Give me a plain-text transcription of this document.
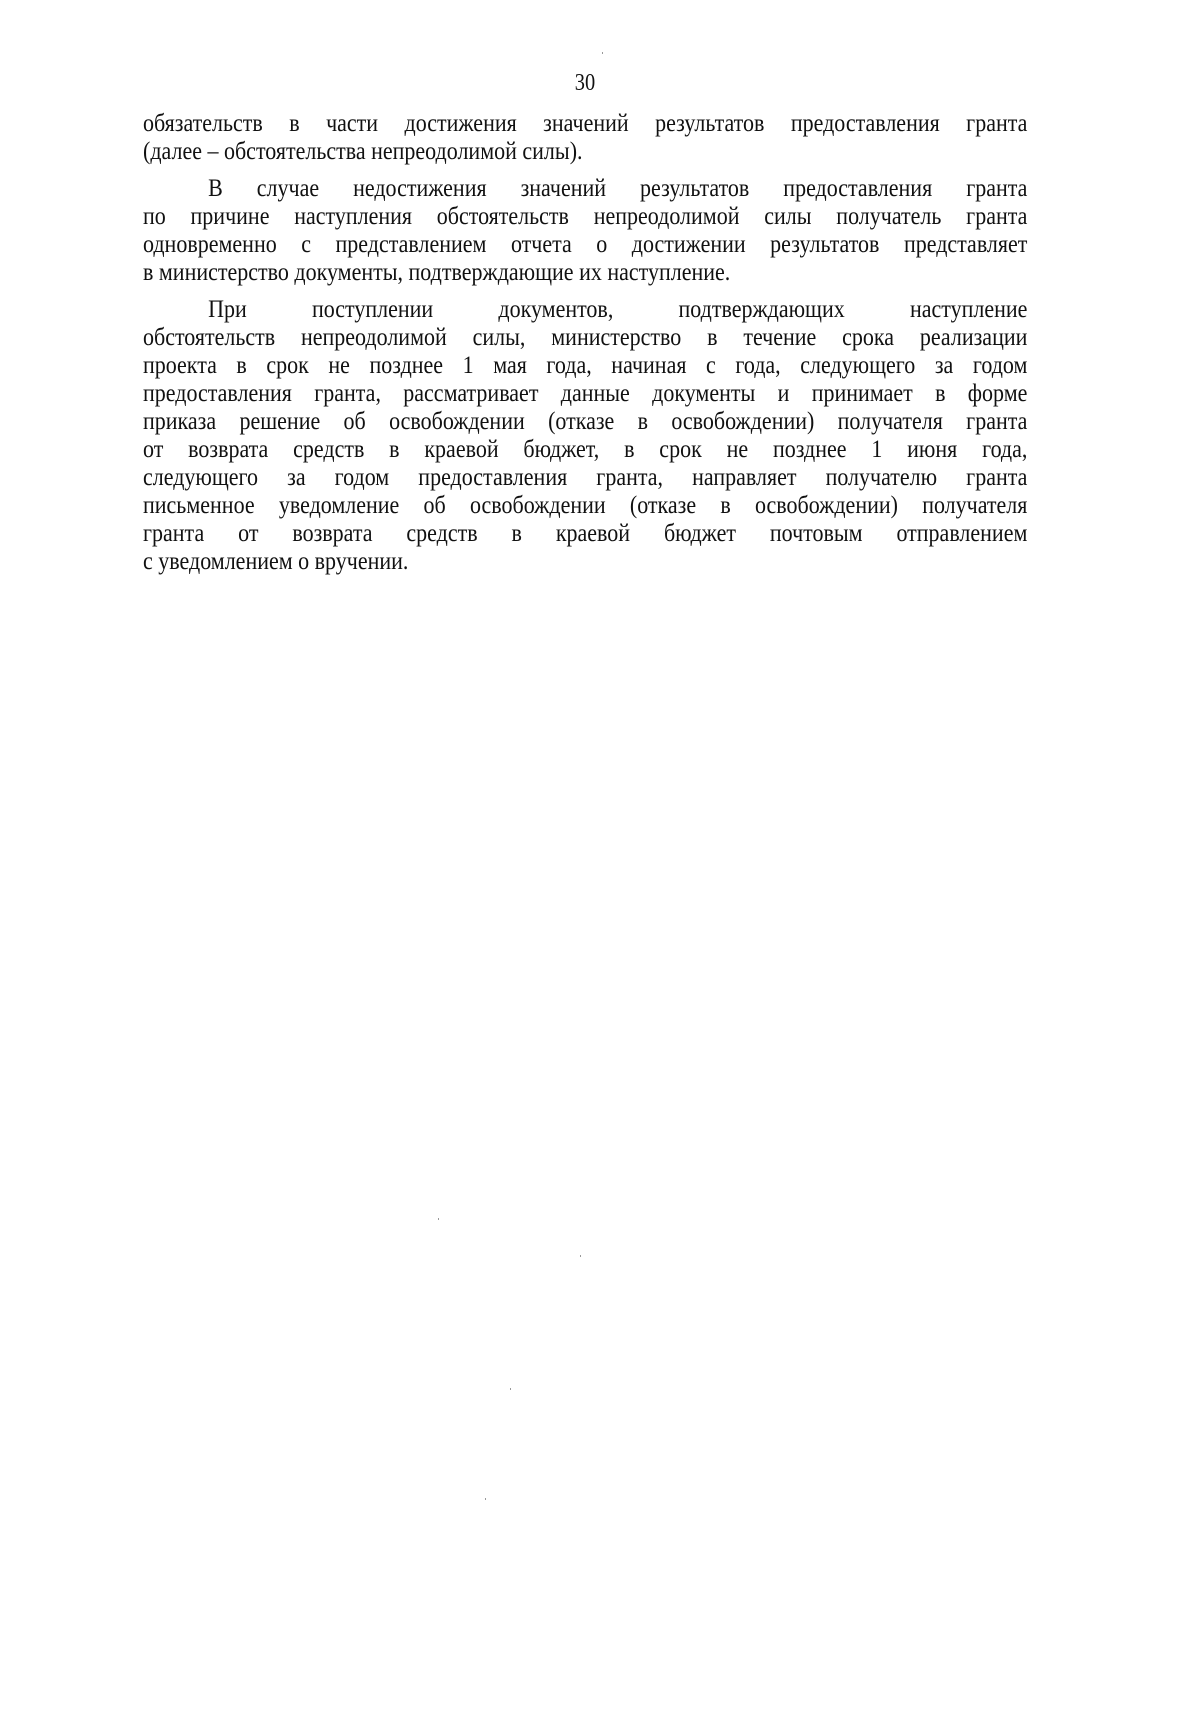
30
обязательств в части достижения значений результатов предоставления гранта
(далее – обстоятельства непреодолимой силы).
В случае недостижения значений результатов предоставления гранта
по причине наступления обстоятельств непреодолимой силы получатель гранта
одновременно с представлением отчета о достижении результатов представляет
в министерство документы, подтверждающие их наступление.
При поступлении документов, подтверждающих наступление
обстоятельств непреодолимой силы, министерство в течение срока реализации
проекта в срок не позднее 1 мая года, начиная с года, следующего за годом
предоставления гранта, рассматривает данные документы и принимает в форме
приказа решение об освобождении (отказе в освобождении) получателя гранта
от возврата средств в краевой бюджет, в срок не позднее 1 июня года,
следующего за годом предоставления гранта, направляет получателю гранта
письменное уведомление об освобождении (отказе в освобождении) получателя
гранта от возврата средств в краевой бюджет почтовым отправлением
с уведомлением о вручении.
